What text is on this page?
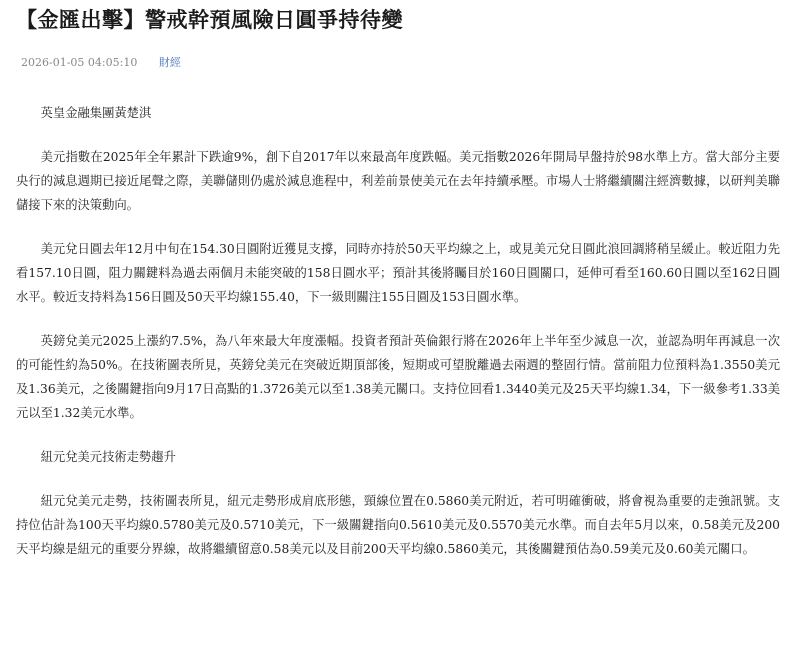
【金匯出擊】警戒幹預風險日圓爭持待變
2026-01-05 04:05:10 財經

英皇金融集團黃楚淇

美元指數在2025年全年累計下跌逾9%，創下自2017年以來最高年度跌幅。美元指數2026年開局早盤持於98水準上方。當大部分主要央行的減息週期已接近尾聲之際，美聯儲則仍處於減息進程中，利差前景使美元在去年持續承壓。市場人士將繼續關注經濟數據，以研判美聯儲接下來的決策動向。

美元兌日圓去年12月中旬在154.30日圓附近獲見支撐，同時亦持於50天平均線之上，或見美元兌日圓此浪回調將稍呈緩止。較近阻力先看157.10日圓，阻力關鍵料為過去兩個月未能突破的158日圓水平；預計其後將矚目於160日圓關口，延伸可看至160.60日圓以至162日圓水平。較近支持料為156日圓及50天平均線155.40，下一級則關注155日圓及153日圓水準。

英鎊兌美元2025上漲約7.5%，為八年來最大年度漲幅。投資者預計英倫銀行將在2026年上半年至少減息一次，並認為明年再減息一次的可能性約為50%。在技術圖表所見，英鎊兌美元在突破近期頂部後，短期或可望脫離過去兩週的整固行情。當前阻力位預料為1.3550美元及1.36美元，之後關鍵指向9月17日高點的1.3726美元以至1.38美元關口。支持位回看1.3440美元及25天平均線1.34，下一級參考1.33美元以至1.32美元水準。

紐元兌美元技術走勢趨升

紐元兌美元走勢，技術圖表所見，紐元走勢形成肩底形態，頸線位置在0.5860美元附近，若可明確衝破，將會視為重要的走強訊號。支持位估計為100天平均線0.5780美元及0.5710美元，下一級關鍵指向0.5610美元及0.5570美元水準。而自去年5月以來，0.58美元及200天平均線是紐元的重要分界線，故將繼續留意0.58美元以及目前200天平均線0.5860美元，其後關鍵預估為0.59美元及0.60美元關口。
